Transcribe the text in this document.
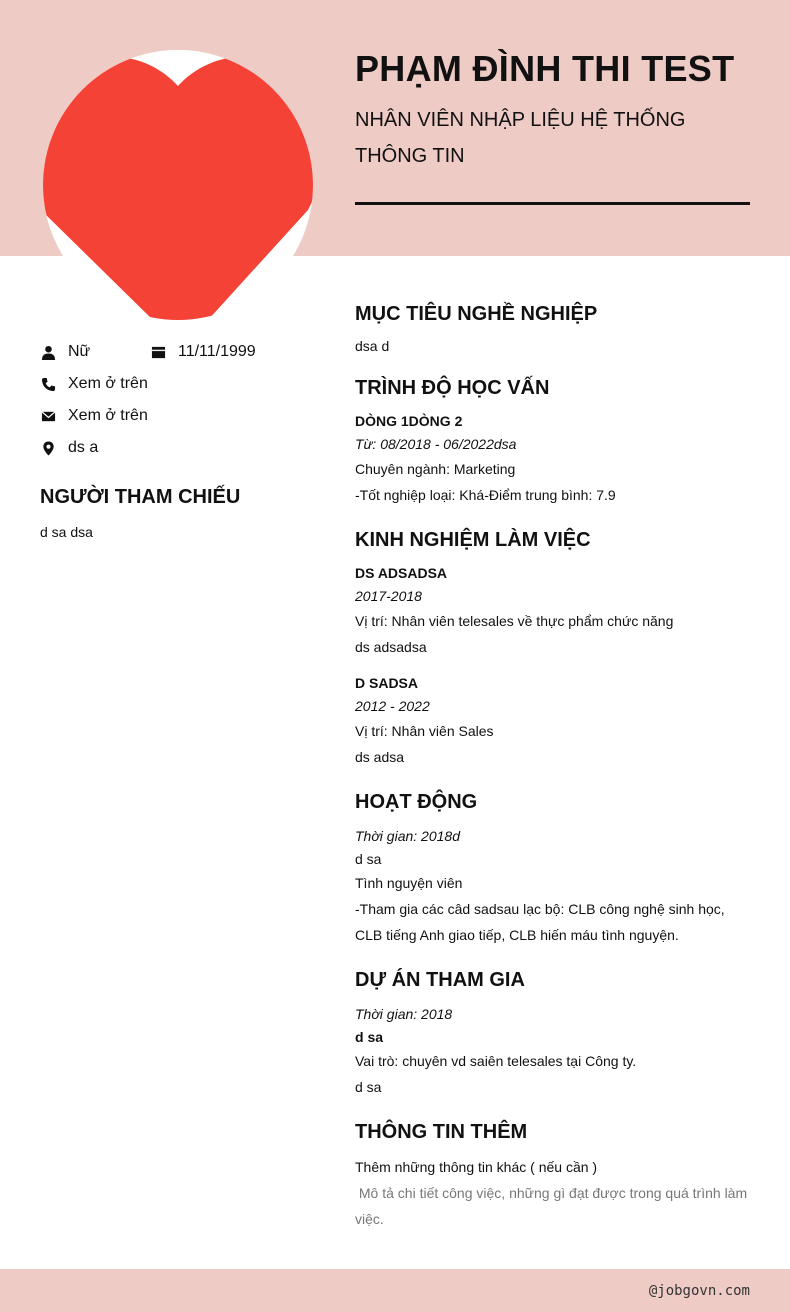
PHẠM ĐÌNH THI TEST
NHÂN VIÊN NHẬP LIỆU HỆ THỐNG THÔNG TIN
Nữ	11/11/1999
Xem ở trên
Xem ở trên
ds a
NGƯỜI THAM CHIẾU
d sa dsa
MỤC TIÊU NGHỀ NGHIỆP
dsa d
TRÌNH ĐỘ HỌC VẤN
DÒNG 1DÒNG 2
Từ: 08/2018 - 06/2022dsa
Chuyên ngành: Marketing
-Tốt nghiệp loại: Khá-Điểm trung bình: 7.9
KINH NGHIỆM LÀM VIỆC
DS ADSADSA
2017-2018
Vị trí: Nhân viên telesales về thực phẩm chức năng
ds adsadsa
D SADSA
2012 - 2022
Vị trí: Nhân viên Sales
ds adsa
HOẠT ĐỘNG
Thời gian: 2018d
d sa
Tình nguyện viên
-Tham gia các câd sadsau lạc bộ: CLB công nghệ sinh học, CLB tiếng Anh giao tiếp, CLB hiến máu tình nguyện.
DỰ ÁN THAM GIA
Thời gian: 2018
d sa
Vai trò: chuyên vd saiên telesales tại Công ty.
d sa
THÔNG TIN THÊM
Thêm những thông tin khác ( nếu cần )
Mô tả chi tiết công việc, những gì đạt được trong quá trình làm việc.
@jobgovn.com
